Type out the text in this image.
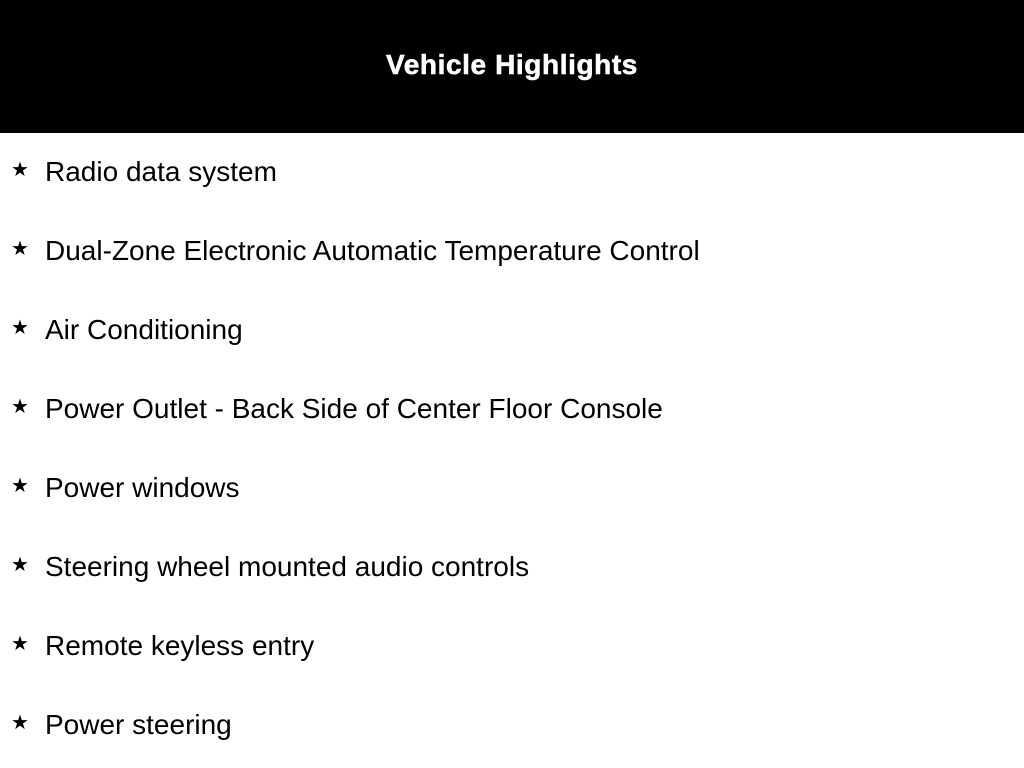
Vehicle Highlights
★ Radio data system
★ Dual-Zone Electronic Automatic Temperature Control
★ Air Conditioning
★ Power Outlet - Back Side of Center Floor Console
★ Power windows
★ Steering wheel mounted audio controls
★ Remote keyless entry
★ Power steering
